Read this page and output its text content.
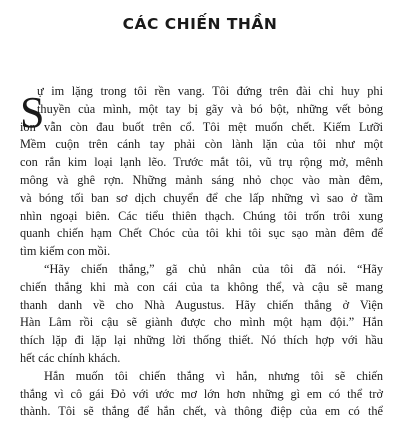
CÁC CHIẾN THẦN
S
ự im lặng trong tôi rền vang. Tôi đứng trên đài chỉ huy phi
thuyền của mình, một tay bị gãy và bó bột, những vết bỏng
ion vẫn còn đau buốt trên cổ. Tôi mệt muốn chết. Kiếm Lưỡi
Mềm cuộn trên cánh tay phải còn lành lặn của tôi như một
con rắn kim loại lạnh lẽo. Trước mắt tôi, vũ trụ rộng mở, mênh
mông và ghê rợn. Những mảnh sáng nhỏ chọc vào màn đêm,
và bóng tối ban sơ dịch chuyển để che lấp những vì sao ở tầm
nhìn ngoại biên. Các tiểu thiên thạch. Chúng tôi trốn trôi xung
quanh chiến hạm Chết Chóc của tôi khi tôi sục sạo màn đêm để
tìm kiếm con mồi.
“Hãy chiến thắng,” gã chủ nhân của tôi đã nói. “Hãy
chiến thắng khi mà con cái của ta không thể, và cậu sẽ mang
thanh danh về cho Nhà Augustus. Hãy chiến thắng ở Viện
Hàn Lâm rồi cậu sẽ giành được cho mình một hạm đội.” Hắn
thích lặp đi lặp lại những lời thống thiết. Nó thích hợp với hầu
hết các chính khách.
Hắn muốn tôi chiến thắng vì hắn, nhưng tôi sẽ chiến
thắng vì cô gái Đỏ với ước mơ lớn hơn những gì em có thể trở
thành. Tôi sẽ thắng để hắn chết, và thông điệp của em có thể
